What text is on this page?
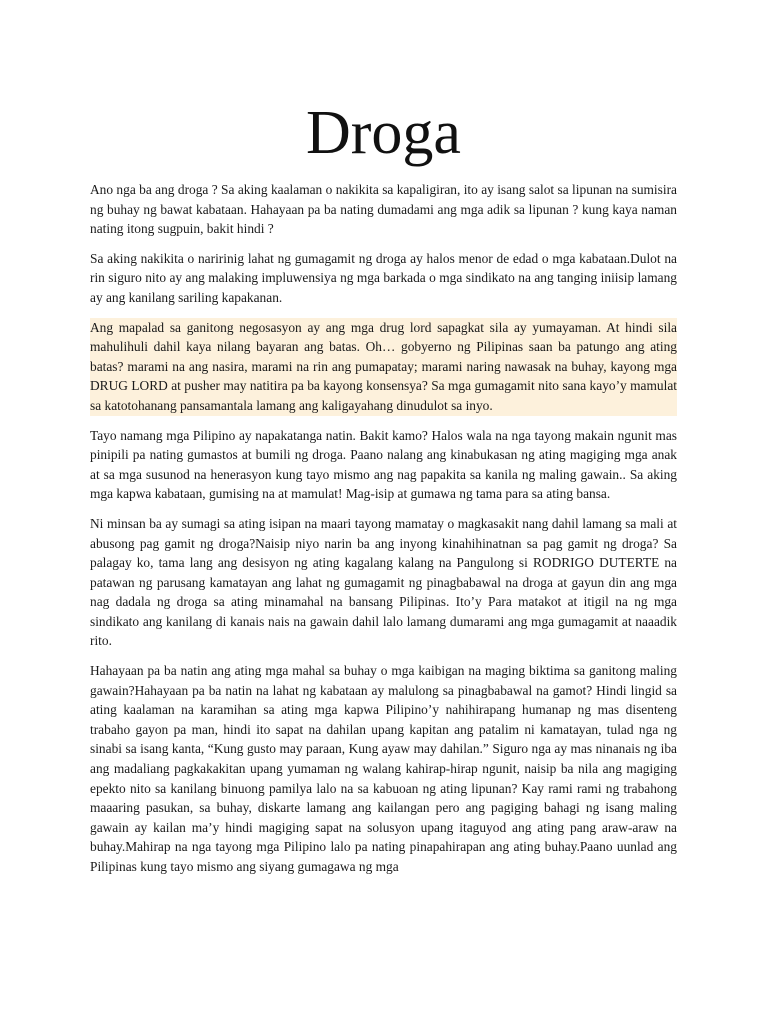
Droga

Ano nga ba ang droga ? Sa aking kaalaman o nakikita sa kapaligiran, ito ay isang salot sa lipunan na sumisira ng buhay ng bawat kabataan. Hahayaan pa ba nating dumadami ang mga adik sa lipunan ? kung kaya naman nating itong sugpuin, bakit hindi ?

Sa aking nakikita o naririnig lahat ng gumagamit ng droga ay halos menor de edad o mga kabataan.Dulot na rin siguro nito ay ang malaking impluwensiya ng mga barkada o mga sindikato na ang tanging iniisip lamang ay ang kanilang sariling kapakanan.

Ang mapalad sa ganitong negosasyon ay ang mga drug lord sapagkat sila ay yumayaman. At hindi sila mahulihuli dahil kaya nilang bayaran ang batas. Oh… gobyerno ng Pilipinas saan ba patungo ang ating batas? marami na ang nasira, marami na rin ang pumapatay; marami naring nawasak na buhay, kayong mga DRUG LORD at pusher may natitira pa ba kayong konsensya? Sa mga gumagamit nito sana kayo’y mamulat sa katotohanang pansamantala lamang ang kaligayahang dinudulot sa inyo.

Tayo namang mga Pilipino ay napakatanga natin. Bakit kamo? Halos wala na nga tayong makain ngunit mas pinipili pa nating gumastos at bumili ng droga. Paano nalang ang kinabukasan ng ating magiging mga anak at sa mga susunod na henerasyon kung tayo mismo ang nag papakita sa kanila ng maling gawain.. Sa aking mga kapwa kabataan, gumising na at mamulat! Mag-isip at gumawa ng tama para sa ating bansa.

Ni minsan ba ay sumagi sa ating isipan na maari tayong mamatay o magkasakit nang dahil lamang sa mali at abusong pag gamit ng droga?Naisip niyo narin ba ang inyong kinahihinatnan sa pag gamit ng droga? Sa palagay ko, tama lang ang desisyon ng ating kagalang kalang na Pangulong si RODRIGO DUTERTE na patawan ng parusang kamatayan ang lahat ng gumagamit ng pinagbabawal na droga at gayun din ang mga nag dadala ng droga sa ating minamahal na bansang Pilipinas. Ito’y Para matakot at itigil na ng mga sindikato ang kanilang di kanais nais na gawain dahil lalo lamang dumarami ang mga gumagamit at naaadik rito.

Hahayaan pa ba natin ang ating mga mahal sa buhay o mga kaibigan na maging biktima sa ganitong maling gawain?Hahayaan pa ba natin na lahat ng kabataan ay malulong sa pinagbabawal na gamot? Hindi lingid sa ating kaalaman na karamihan sa ating mga kapwa Pilipino’y nahihirapang humanap ng mas disenteng trabaho gayon pa man, hindi ito sapat na dahilan upang kapitan ang patalim ni kamatayan, tulad nga ng sinabi sa isang kanta, “Kung gusto may paraan, Kung ayaw may dahilan.” Siguro nga ay mas ninanais ng iba ang madaliang pagkakakitan upang yumaman ng walang kahirap-hirap ngunit, naisip ba nila ang magiging epekto nito sa kanilang binuong pamilya lalo na sa kabuoan ng ating lipunan? Kay rami rami ng trabahong maaaring pasukan, sa buhay, diskarte lamang ang kailangan pero ang pagiging bahagi ng isang maling gawain ay kailan ma’y hindi magiging sapat na solusyon upang itaguyod ang ating pang araw-araw na buhay.Mahirap na nga tayong mga Pilipino lalo pa nating pinapahirapan ang ating buhay.Paano uunlad ang Pilipinas kung tayo mismo ang siyang gumagawa ng mga
